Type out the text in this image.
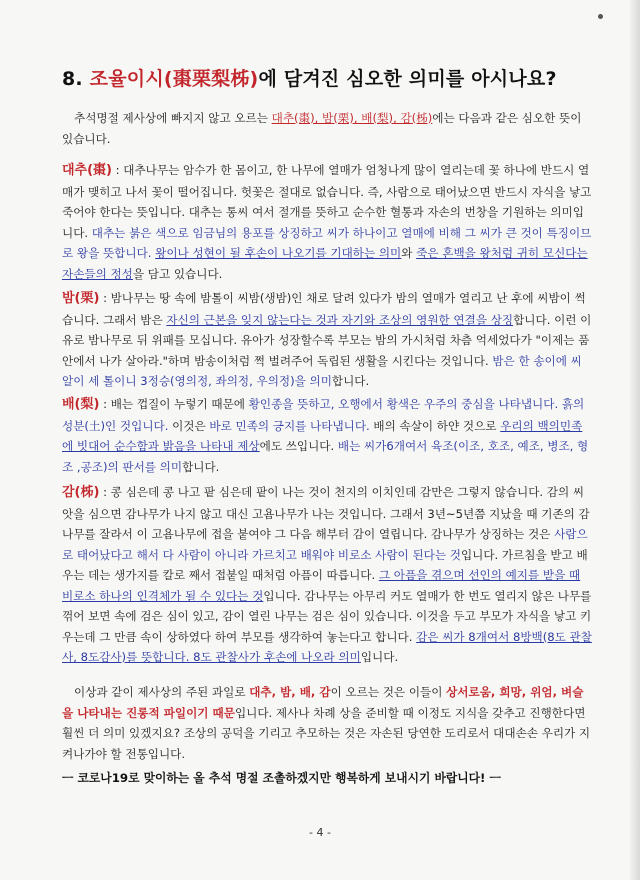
8. 조율이시(棗栗梨柹)에 담겨진 심오한 의미를 아시나요?

추석명절 제사상에 빠지지 않고 오르는 대추(棗), 밤(栗), 배(梨), 감(柹)에는 다음과 같은 심오한 뜻이 있습니다.

대추(棗) : 대추나무는 암수가 한 몸이고, 한 나무에 열매가 엄청나게 많이 열리는데 꽃 하나에 반드시 열매가 맺히고 나서 꽃이 떨어집니다. 헛꽃은 절대로 없습니다. 즉, 사람으로 태어났으면 반드시 자식을 낳고 죽어야 한다는 뜻입니다. 대추는 통씨 여서 절개를 뜻하고 순수한 혈통과 자손의 번창을 기원하는 의미입니다. 대추는 붉은 색으로 임금님의 용포를 상징하고 씨가 하나이고 열매에 비해 그 씨가 큰 것이 특징이므로 왕을 뜻합니다. 왕이나 성현이 될 후손이 나오기를 기대하는 의미와 죽은 혼백을 왕처럼 귀히 모신다는 자손들의 정성을 담고 있습니다.

밤(栗) : 밤나무는 땅 속에 밤톨이 씨밤(생밤)인 채로 달려 있다가 밤의 열매가 열리고 난 후에 씨밤이 썩습니다. 그래서 밤은 자신의 근본을 잊지 않는다는 것과 자기와 조상의 영원한 연결을 상징합니다. 이런 이유로 밤나무로 뒤 위패를 모십니다. 유아가 성장할수록 부모는 밤의 가시처럼 차츰 억세었다가 "이제는 품안에서 나가 살아라."하며 밤송이처럼 쩍 벌려주어 독립된 생활을 시킨다는 것입니다. 밤은 한 송이에 씨알이 세 톨이니 3정승(영의정, 좌의정, 우의정)을 의미합니다.

배(梨) : 배는 껍질이 누렇기 때문에 황인종을 뜻하고, 오행에서 황색은 우주의 중심을 나타냅니다. 흙의 성분(土)인 것입니다. 이것은 바로 민족의 긍지를 나타냅니다. 배의 속살이 하얀 것으로 우리의 백의민족에 빗대어 순수함과 밝음을 나타내 제상에도 쓰입니다. 배는 씨가6개여서 육조(이조, 호조, 예조, 병조, 형조 ,공조)의 판서를 의미합니다.

감(柹) : 콩 심은데 콩 나고 팥 심은데 팥이 나는 것이 천지의 이치인데 감만은 그렇지 않습니다. 감의 씨앗을 심으면 감나무가 나지 않고 대신 고욤나무가 나는 것입니다. 그래서 3년~5년쯤 지났을 때 기존의 감나무를 잘라서 이 고욤나무에 접을 붙여야 그 다음 해부터 감이 열립니다. 감나무가 상징하는 것은 사람으로 태어났다고 해서 다 사람이 아니라 가르치고 배워야 비로소 사람이 된다는 것입니다. 가르침을 받고 배우는 데는 생가지를 칼로 째서 접붙일 때처럼 아픔이 따릅니다. 그 아픔을 겪으며 선인의 예지를 받을 때 비로소 하나의 인격체가 될 수 있다는 것입니다. 감나무는 아무리 커도 열매가 한 번도 열리지 않은 나무를 꺾어 보면 속에 검은 심이 있고, 감이 열린 나무는 검은 심이 있습니다. 이것을 두고 부모가 자식을 낳고 키우는데 그 만큼 속이 상하였다 하여 부모를 생각하여 놓는다고 합니다. 감은 씨가 8개여서 8방백(8도 관찰사, 8도감사)를 뜻합니다. 8도 관찰사가 후손에 나오라 의미입니다.

이상과 같이 제사상의 주된 과일로 대추, 밤, 배, 감이 오르는 것은 이들이 상서로움, 희망, 위엄, 벼슬을 나타내는 진롱적 파일이기 때문입니다. 제사나 차례 상을 준비할 때 이정도 지식을 갖추고 진행한다면 훨씬 더 의미 있겠지요? 조상의 공덕을 기리고 추모하는 것은 자손된 당연한 도리로서 대대손손 우리가 지켜나가야 할 전통입니다.

ㅡ 코로나19로 맞이하는 올 추석 명절 조촐하겠지만 행복하게 보내시기 바랍니다! ㅡ
- 4 -
